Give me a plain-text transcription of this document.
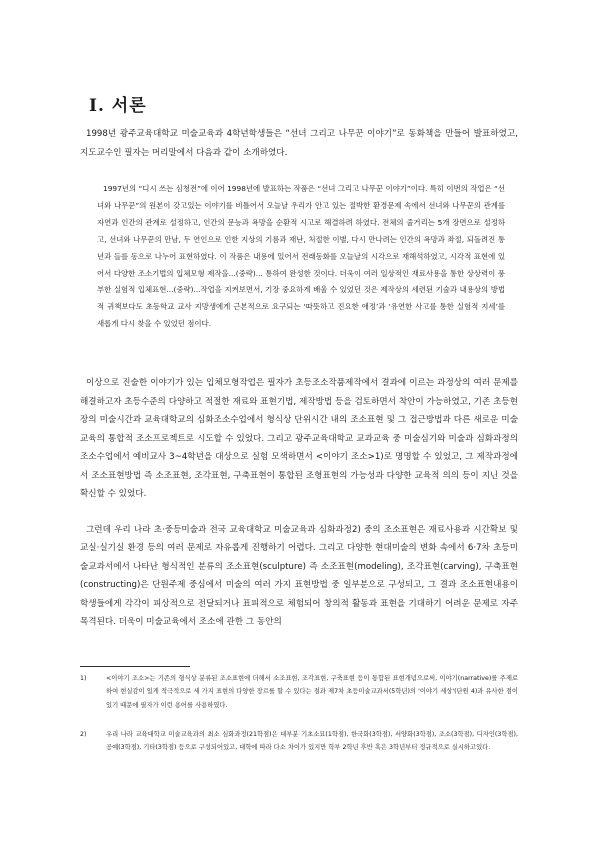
Ⅰ. 서론

1998년 광주교육대학교 미술교육과 4학년학생들은 “선녀 그리고 나무꾼 이야기”로 동화책을 만들어 발표하였고, 지도교수인 필자는 머리말에서 다음과 같이 소개하였다.

1997년의 “디시 쓰는 심청전”에 이어 1998년에 발표하는 작품은 “선녀 그리고 나무꾼 이야기”이다. 특히 이번의 작업은 “선녀와 나무꾼”의 원본이 갖고있는 이야기를 비틀어서 오늘날 우리가 안고 있는 절박한 환경문제 속에서 선녀와 나무꾼의 관계를 자연과 인간의 관계로 설정하고, 인간의 문능과 욕망을 순환적 시고로 해결하려 하였다. 전체의 줄거리는 5개 장면으로 설정하고, 선녀와 나무꾼의 만남, 두 연인으로 인한 지상의 기름과 재난, 처절한 이별, 다시 만나려는 인간의 욕망과 좌절, 되돌려진 통년과 들를 동으로 나누어 표현하였다. 이 작품은 내용에 있어서 전래동화를 오늘날의 시각으로 재해석하였고, 시각적 표현에 있어서 다양한 조소기법의 입체모형 제작을...(중략)... 통하여 완성한 것이다. 더욱이 여러 일상적인 재료사용을 통한 상상력이 풍부한 실험적 입체표현...(중략)...작업을 지켜보면서, 기장 중요하게 배울 수 있었던 것은 제작상의 세련된 기술과 내용상의 방법적 귀책보다도 초등학교 교사 지망생에게 근본적으로 요구되는 ‘따뜻하고 진요한 애정’과 ‘유연한 사고를 통한 실험적 지세’를 새롭게 다시 찾을 수 있었던 점이다.

이상으로 진술한 이야기가 있는 입체모형작업은 필자가 초등조소작품제작에서 결과에 이르는 과정상의 여러 문제를 해결하고자 초등수준의 다양하고 적절한 재료와 표현기법, 제작방법 등을 검토하면서 착안이 가능하였고, 기존 초등현장의 미술시간과 교육대학교의 심화조소수업에서 형식상 단위시간 내의 조소표현 및 그 접근방법과 다른 새로운 미술교육의 통합적 조소프로젝트로 시도할 수 있었다. 그리고 광주교육대학교 교과교육 중 미술심기와 미술과 심화과정의 조소수업에서 예비교사 3~4학년을 대상으로 실험 모색하면서 <이야기 조소>1)로 명명할 수 있었고, 그 제작과정에서 조소표현방법 즉 소조표현, 조각표현, 구축표현이 통합된 조형표현의 가능성과 다양한 교육적 의의 등이 지닌 것을 확신할 수 있었다.

그런데 우리 나라 초·중등미술과 전국 교육대학교 미술교육과 심화과정2) 중의 조소표현은 재료사용과 시간확보 및 교실·실기실 환경 등의 여러 문제로 자유롭게 진행하기 어렵다. 그리고 다양한 현대미술의 변화 속에서 6·7차 초등미술교과서에서 나타난 형식적인 분류의 조소표현(sculpture) 즉 소조표현(modeling), 조각표현(carving), 구축표현(constructing)은 단원주제 중심에서 미술의 여러 가지 표현방법 중 일부분으로 구성되고, 그 결과 조소표현내용이 학생들에게 각각이 피상적으로 전달되거나 표피적으로 체험되어 창의적 활동과 표현을 기대하기 어려운 문제로 자주 목격된다. 더욱이 미술교육에서 조소에 관한 그 동안의

1)	<이야기 조소>는 기존의 형식상 분류된 조소표현에 더해서 소조표현, 조각표현, 구축표현 등이 통합된 표현개념으로써, 이야기(narrative)를 주제로 하여 현실감이 있게 적극적으로 세 가지 표현의 다양한 장르를 할 수 있다는 점과 제7차 초등미술교과서(5학년)의 '이야기 세상'(단원 4)과 유사한 점이 있기 때문에 필자가 이런 용어를 사용하였다.
2)	우리 나라 교육대학교 미술교육과의 최소 심화과정(21학점)은 대부분 기초소묘(1학점), 한국화(3학점), 서양화(3학점), 조소(3학점), 디자인(3학점), 공예(3학점), 기타(3학점) 등으로 구성되어있고, 대학에 따라 다소 차이가 있지만 학부 2학년 후반 혹은 3학년부터 정규적으로 실시하고있다.
